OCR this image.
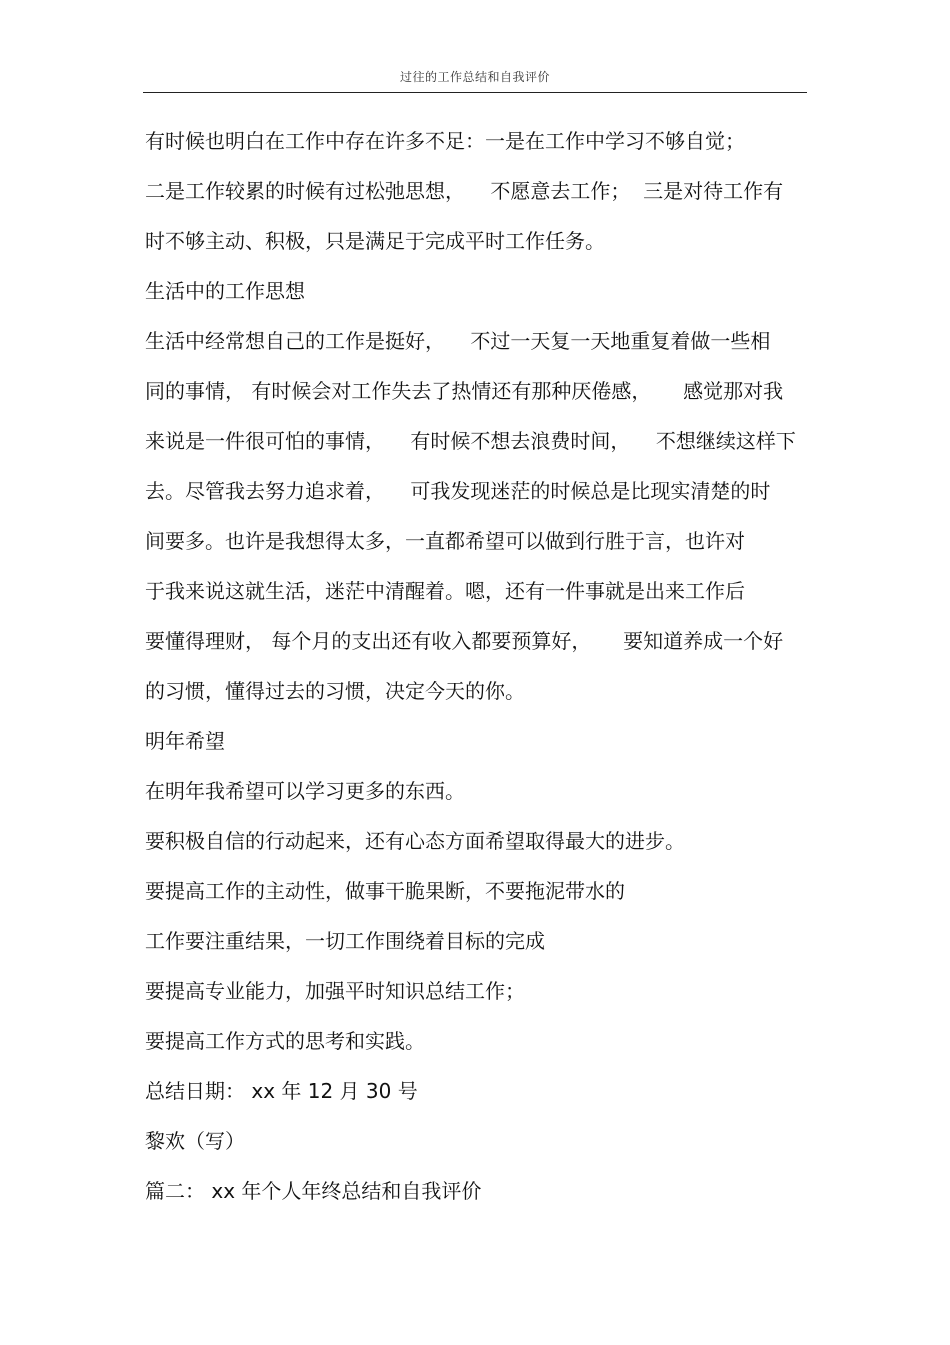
过往的工作总结和自我评价
有时候也明白在工作中存在许多不足：一是在工作中学习不够自觉；
二是工作较累的时候有过松弛思想，    不愿意去工作；  三是对待工作有
时不够主动、积极，只是满足于完成平时工作任务。
生活中的工作思想
生活中经常想自己的工作是挺好，    不过一天复一天地重复着做一些相
同的事情， 有时候会对工作失去了热情还有那种厌倦感，     感觉那对我
来说是一件很可怕的事情，    有时候不想去浪费时间，    不想继续这样下
去。尽管我去努力追求着，    可我发现迷茫的时候总是比现实清楚的时
间要多。也许是我想得太多，一直都希望可以做到行胜于言，也许对
于我来说这就生活，迷茫中清醒着。嗯，还有一件事就是出来工作后
要懂得理财， 每个月的支出还有收入都要预算好，     要知道养成一个好
的习惯，懂得过去的习惯，决定今天的你。
明年希望
在明年我希望可以学习更多的东西。
要积极自信的行动起来，还有心态方面希望取得最大的进步。
要提高工作的主动性，做事干脆果断，不要拖泥带水的
工作要注重结果，一切工作围绕着目标的完成
要提高专业能力，加强平时知识总结工作；
要提高工作方式的思考和实践。
总结日期： xx 年 12 月 30 号
黎欢（写）
篇二： xx 年个人年终总结和自我评价
